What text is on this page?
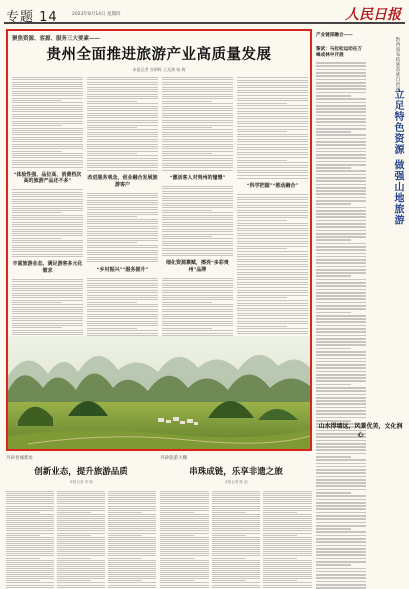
专题 14	2023年8月14日 星期四	人民日报
聚焦资源、客源、服务三大要素——
贵州全面推进旅游产业高质量发展
本报记者 苏朝晖 王光满 杨 梅
“体验性强、品位高、消费档次高的旅游产品还不多”
丰富旅游业态，满足游客多元化需求
改进服务观念，创业融合发展旅游客户
“乡村振兴”“服务提升”
“激活客人对贵州的憧憬”
细化资源禀赋，擦亮“多彩贵州”品牌
“科学把握”“推动融合”
丹砂县城新址
创新业态，提升旅游品质
本报记者 李 娟
丹砂旅游大棚
串珠成链，乐享非遗之旅
本报记者 陈 浩
产业链深融合——
黎武：马拉松运动在万峰成林中开展	黔西南布依族苗族自治州——
立足特色资源 做强山地旅游
山水得墙远，风景优美，文化润心
